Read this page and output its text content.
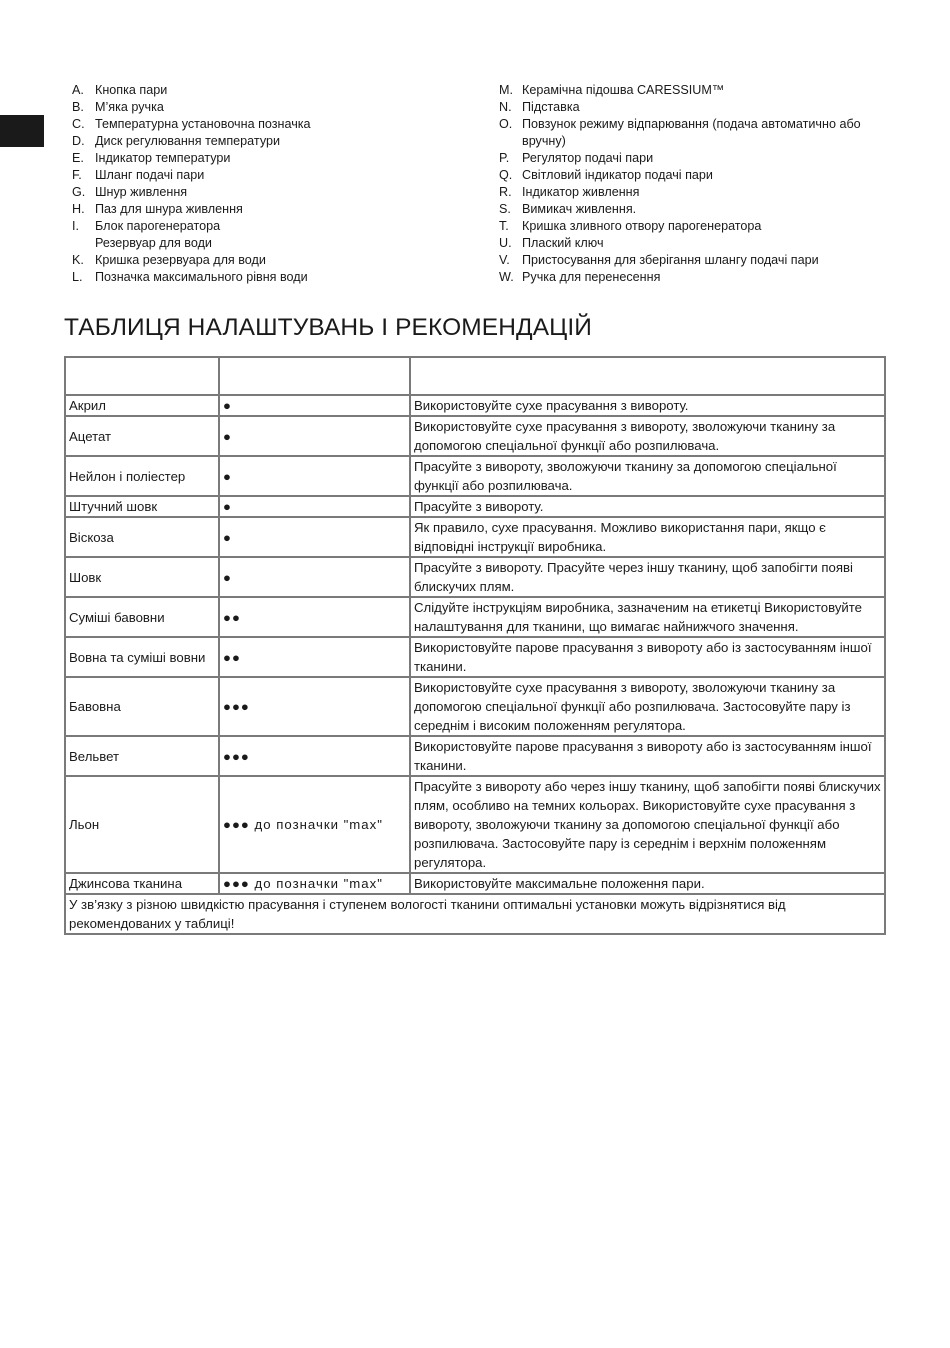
A. Кнопка пари
B. М’яка ручка
C. Температурна установочна позначка
D. Диск регулювання температури
E. Індикатор температури
F.	Шланг подачі пари
G. Шнур живлення
H. Паз для шнура живлення
I.	Блок парогенератора
Резервуар для води
K. Кришка резервуара для води
L. Позначка максимального рівня води
M. Керамічна підошва CARESSIUM™
N. Підставка
O. Повзунок режиму відпарювання (подача автоматично або вручну)
P.	Регулятор подачі пари
Q. Світловий індикатор подачі пари
R. Індикатор живлення
S. Вимикач живлення.
T.	Кришка зливного отвору парогенератора
U. Плаский ключ
V. Пристосування для зберігання шлангу подачі пари
W. Ручка для перенесення
ТАБЛИЦЯ НАЛАШТУВАНЬ І РЕКОМЕНДАЦІЙ

Акрил	●	Використовуйте сухе прасування з вивороту.
Ацетат	●	Використовуйте сухе прасування з вивороту, зволожуючи тканину за допомогою спеціальної функції або розпилювача.
Нейлон і поліестер	●	Прасуйте з вивороту, зволожуючи тканину за допомогою спеціальної функції або розпилювача.
Штучний шовк	●	Прасуйте з вивороту.
Віскоза	●	Як правило, сухе прасування. Можливо використання пари, якщо є відповідні інструкції виробника.
Шовк	●	Прасуйте з вивороту. Прасуйте через іншу тканину, щоб запобігти появі блискучих плям.
Суміші бавовни	●●	Слідуйте інструкціям виробника, зазначеним на етикетці Використовуйте налаштування для тканини, що вимагає найнижчого значення.
Вовна та суміші вовни	●●	Використовуйте парове прасування з вивороту або із застосуванням іншої тканини.
Бавовна	●●●	Використовуйте сухе прасування з вивороту, зволожуючи тканину за допомогою спеціальної функції або розпилювача. Застосовуйте пару із середнім і високим положенням регулятора.
Вельвет	●●●	Використовуйте парове прасування з вивороту або із застосуванням іншої тканини.
Льон	●●● до позначки "max"	Прасуйте з вивороту або через іншу тканину, щоб запобігти появі блискучих плям, особливо на темних кольорах. Використовуйте сухе прасування з вивороту, зволожуючи тканину за допомогою спеціальної функції або розпилювача. Застосовуйте пару із середнім і верхнім положенням регулятора.
Джинсова тканина	●●● до позначки "max"	Використовуйте максимальне положення пари.
У зв’язку з різною швидкістю прасування і ступенем вологості тканини оптимальні установки можуть відрізнятися від рекомендованих у таблиці!		
